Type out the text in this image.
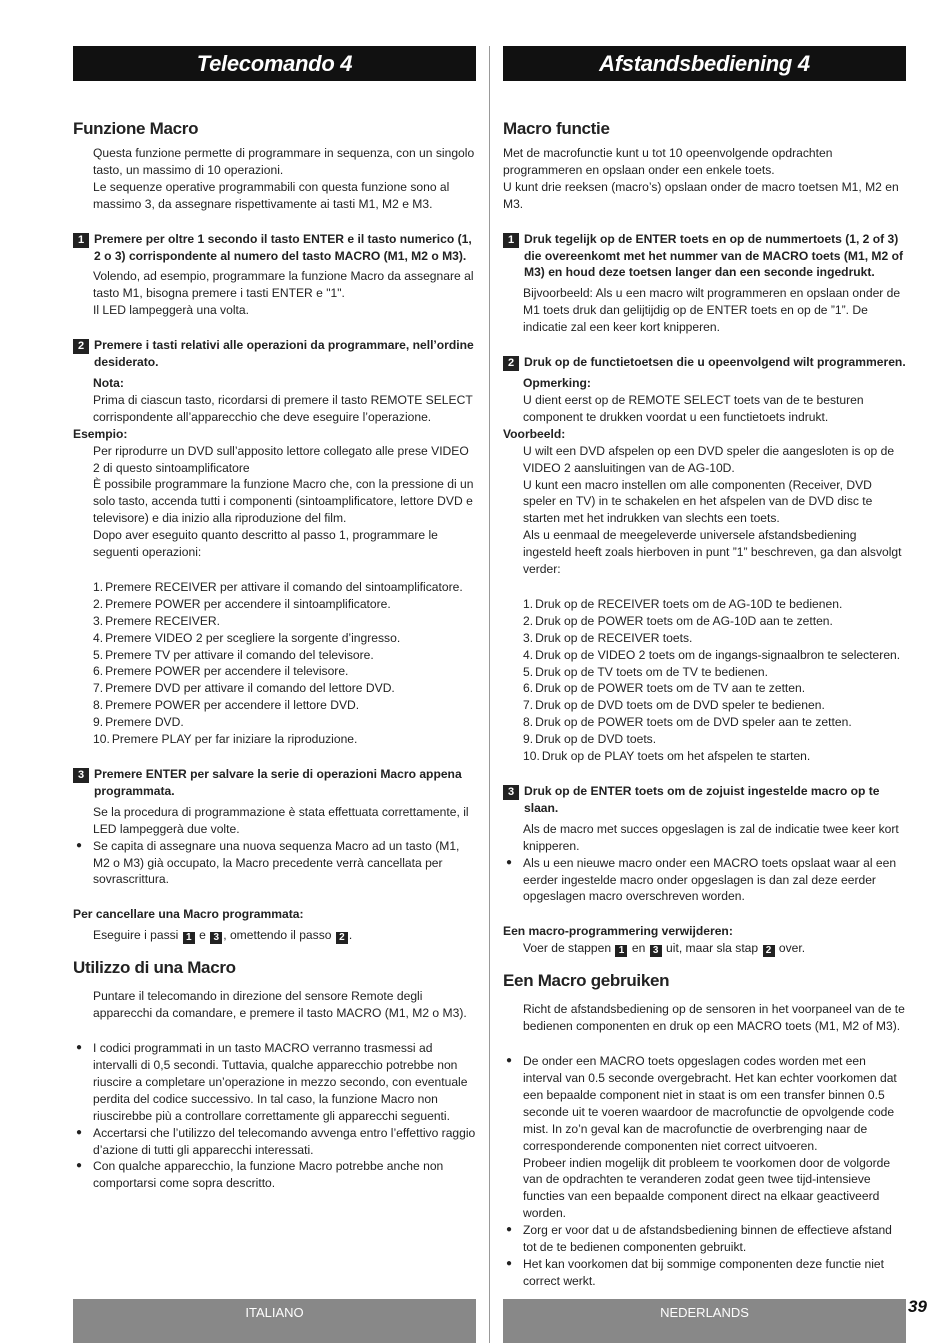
Telecomando 4
Funzione Macro

Questa funzione permette di programmare in sequenza, con un singolo tasto, un massimo di 10 operazioni.

Le sequenze operative programmabili con questa funzione sono al massimo 3, da assegnare rispettivamente ai tasti M1, M2 e M3.

1 Premere per oltre 1 secondo il tasto ENTER e il tasto numerico (1, 2 o 3) corrispondente al numero del tasto MACRO (M1, M2 o M3).

Volendo, ad esempio, programmare la funzione Macro da assegnare al tasto M1, bisogna premere i tasti ENTER e "1".

Il LED lampeggerà una volta.

2 Premere i tasti relativi alle operazioni da programmare, nell’ordine desiderato.

Nota:

Prima di ciascun tasto, ricordarsi di premere il tasto REMOTE SELECT corrispondente all’apparecchio che deve eseguire l’operazione.

Esempio:

Per riprodurre un DVD sull’apposito lettore collegato alle prese VIDEO 2 di questo sintoamplificatore

È possibile programmare la funzione Macro che, con la pressione di un solo tasto, accenda tutti i componenti (sintoamplificatore, lettore DVD e televisore) e dia inizio alla riproduzione del film.

Dopo aver eseguito quanto descritto al passo 1, programmare le seguenti operazioni:

1. Premere RECEIVER per attivare il comando del sintoamplificatore.
2. Premere POWER per accendere il sintoamplificatore.
3. Premere RECEIVER.
4. Premere VIDEO 2 per scegliere la sorgente d’ingresso.
5. Premere TV per attivare il comando del televisore.
6. Premere POWER per accendere il televisore.
7. Premere DVD per attivare il comando del lettore DVD.
8. Premere POWER per accendere il lettore DVD.
9. Premere DVD.
10. Premere PLAY per far iniziare la riproduzione.
3 Premere ENTER per salvare la serie di operazioni Macro appena programmata.

Se la procedura di programmazione è stata effettuata correttamente, il LED lampeggerà due volte.

● Se capita di assegnare una nuova sequenza Macro ad un tasto (M1, M2 o M3) già occupato, la Macro precedente verrà cancellata per sovrascrittura.

Per cancellare una Macro programmata:

Eseguire i passi 1 e 3 , omettendo il passo 2 .
Utilizzo di una Macro

Puntare il telecomando in direzione del sensore Remote degli apparecchi da comandare, e premere il tasto MACRO (M1, M2 o M3).

● I codici programmati in un tasto MACRO verranno trasmessi ad intervalli di 0,5 secondi. Tuttavia, qualche apparecchio potrebbe non riuscire a completare un’operazione in mezzo secondo, con eventuale perdita del codice successivo. In tal caso, la funzione Macro non riuscirebbe più a controllare correttamente gli apparecchi seguenti.
● Accertarsi che l’utilizzo del telecomando avvenga entro l’effettivo raggio d’azione di tutti gli apparecchi interessati.
● Con qualche apparecchio, la funzione Macro potrebbe anche non comportarsi come sopra descritto.
Afstandsbediening 4
Macro functie

Met de macrofunctie kunt u tot 10 opeenvolgende opdrachten programmeren en opslaan onder een enkele toets.

U kunt drie reeksen (macro’s) opslaan onder de macro toetsen M1, M2 en M3.

1 Druk tegelijk op de ENTER toets en op de nummertoets (1, 2 of 3) die overeenkomt met het nummer van de MACRO toets (M1, M2 of M3) en houd deze toetsen langer dan een seconde ingedrukt.

Bijvoorbeeld: Als u een macro wilt programmeren en opslaan onder de M1 toets druk dan gelijtijdig op de ENTER toets en op de ”1”. De indicatie zal een keer kort knipperen.

2 Druk op de functietoetsen die u opeenvolgend wilt programmeren.

Opmerking:

U dient eerst op de REMOTE SELECT toets van de te besturen component te drukken voordat u een functietoets indrukt.

Voorbeeld:

U wilt een DVD afspelen op een DVD speler die aangesloten is op de VIDEO 2 aansluitingen van de AG-10D.

U kunt een macro instellen om alle componenten (Receiver, DVD speler en TV) in te schakelen en het afspelen van de DVD disc te starten met het indrukken van slechts een toets.

Als u eenmaal de meegeleverde universele afstandsbediening ingesteld heeft zoals hierboven in punt ”1” beschreven, ga dan alsvolgt verder:

1. Druk op de RECEIVER toets om de AG-10D te bedienen.
2. Druk op de POWER toets om de AG-10D aan te zetten.
3. Druk op de RECEIVER toets.
4. Druk op de VIDEO 2 toets om de ingangs-signaalbron te selecteren.
5. Druk op de TV toets om de TV te bedienen.
6. Druk op de POWER toets om de TV aan te zetten.
7. Druk op de DVD toets om de DVD speler te bedienen.
8. Druk op de POWER toets om de DVD speler aan te zetten.
9. Druk op de DVD toets.
10. Druk op de PLAY toets om het afspelen te starten.
3 Druk op de ENTER toets om de zojuist ingestelde macro op te slaan.

Als de macro met succes opgeslagen is zal de indicatie twee keer kort knipperen.

● Als u een nieuwe macro onder een MACRO toets opslaat waar al een eerder ingestelde macro onder opgeslagen is dan zal deze eerder opgeslagen macro overschreven worden.

Een macro-programmering verwijderen:

Voer de stappen 1 en 3 uit, maar sla stap 2 over.
Een Macro gebruiken

Richt de afstandsbediening op de sensoren in het voorpaneel van de te bedienen componenten en druk op een MACRO toets (M1, M2 of M3).

● De onder een MACRO toets opgeslagen codes worden met een interval van 0.5 seconde overgebracht. Het kan echter voorkomen dat een bepaalde component niet in staat is om een transfer binnen 0.5 seconde uit te voeren waardoor de macrofunctie de opvolgende code mist. In zo’n geval kan de macrofunctie de overbrenging naar de corresponderende componenten niet correct uitvoeren.
Probeer indien mogelijk dit probleem te voorkomen door de volgorde van de opdrachten te veranderen zodat geen twee tijd-intensieve functies van een bepaalde component direct na elkaar geactiveerd worden.
● Zorg er voor dat u de afstandsbediening binnen de effectieve afstand tot de te bedienen componenten gebruikt.
● Het kan voorkomen dat bij sommige componenten deze functie niet correct werkt.
ITALIANO	NEDERLANDS	39
